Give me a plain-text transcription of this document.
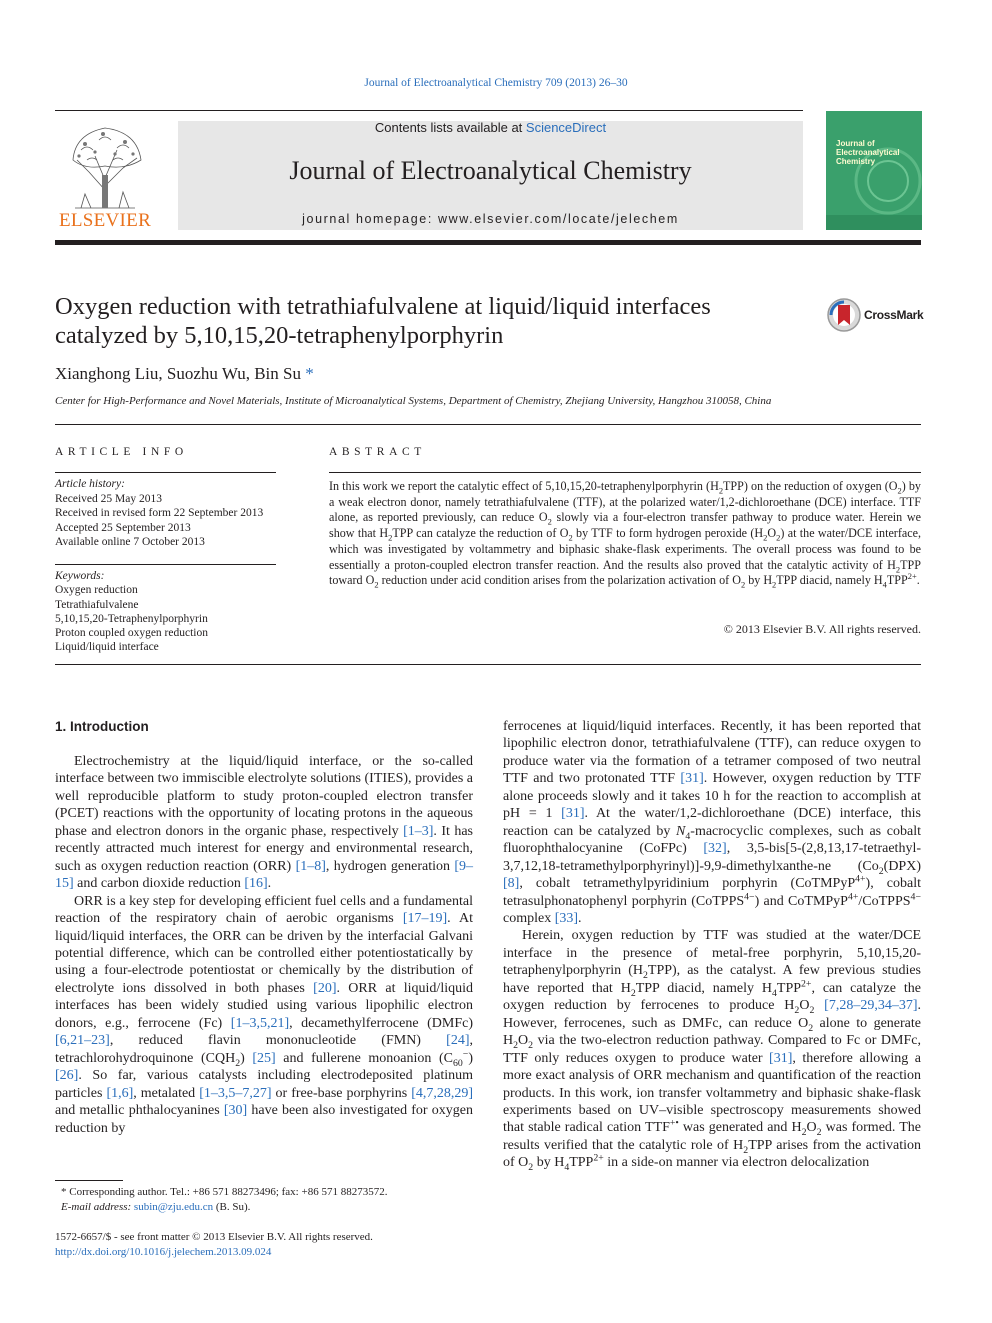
Journal of Electroanalytical Chemistry 709 (2013) 26–30
ELSEVIER
Contents lists available at ScienceDirect
Journal of Electroanalytical Chemistry
journal homepage: www.elsevier.com/locate/jelechem
Journal of Electroanalytical Chemistry
Oxygen reduction with tetrathiafulvalene at liquid/liquid interfaces
catalyzed by 5,10,15,20-tetraphenylporphyrin
CrossMark
Xianghong Liu, Suozhu Wu, Bin Su *
Center for High-Performance and Novel Materials, Institute of Microanalytical Systems, Department of Chemistry, Zhejiang University, Hangzhou 310058, China
ARTICLE INFO
Article history:
Received 25 May 2013
Received in revised form 22 September 2013
Accepted 25 September 2013
Available online 7 October 2013
Keywords:
Oxygen reduction
Tetrathiafulvalene
5,10,15,20-Tetraphenylporphyrin
Proton coupled oxygen reduction
Liquid/liquid interface
ABSTRACT
In this work we report the catalytic effect of 5,10,15,20-tetraphenylporphyrin $(H_2TPP)$ on the reduction of oxygen $(O_2)$ by a weak electron donor, namely tetrathiafulvalene (TTF), at the polarized water/1,2-dichloroethane (DCE) interface. TTF alone, as reported previously, can reduce $O_2$ slowly via a four-electron transfer pathway to produce water. Herein we show that $H_2TPP$ can catalyze the reduction of $O_2$ by TTF to form hydrogen peroxide $(H_2O_2)$ at the water/DCE interface, which was investigated by voltammetry and biphasic shake-flask experiments. The overall process was found to be essentially a proton-coupled electron transfer reaction. And the results also proved that the catalytic activity of $H_2TPP$ toward $O_2$ reduction under acid condition arises from the polarization activation of $O_2$ by $H_2TPP$ diacid, namely $H_4TPP^{2+}$.
© 2013 Elsevier B.V. All rights reserved.
1. Introduction

Electrochemistry at the liquid/liquid interface, or the so-called interface between two immiscible electrolyte solutions (ITIES), provides a well reproducible platform to study proton-coupled electron transfer (PCET) reactions with the opportunity of locating protons in the aqueous phase and electron donors in the organic phase, respectively [1–3]. It has recently attracted much interest for energy and environmental research, such as oxygen reduction reaction (ORR) [1–8], hydrogen generation [9–15] and carbon dioxide reduction [16].

ORR is a key step for developing efficient fuel cells and a fundamental reaction of the respiratory chain of aerobic organisms [17–19]. At liquid/liquid interfaces, the ORR can be driven by the interfacial Galvani potential difference, which can be controlled either potentiostatically by using a four-electrode potentiostat or chemically by the distribution of electrolyte ions dissolved in both phases [20]. ORR at liquid/liquid interfaces has been widely studied using various lipophilic electron donors, e.g., ferrocene (Fc) [1–3,5,21], decamethylferrocene (DMFc) [6,21–23], reduced flavin mononucleotide (FMN) [24], tetrachlorohydroquinone $(CQH_2)$ [25] and fullerene monoanion $(C_{60}^-)$ [26]. So far, various catalysts including electrodeposited platinum particles [1,6], metalated [1–3,5–7,27] or free-base porphyrins [4,7,28,29] and metallic phthalocyanines [30] have been also investigated for oxygen reduction by

ferrocenes at liquid/liquid interfaces. Recently, it has been reported that lipophilic electron donor, tetrathiafulvalene (TTF), can reduce oxygen to produce water via the formation of a tetramer composed of two neutral TTF and two protonated TTF [31]. However, oxygen reduction by TTF alone proceeds slowly and it takes 10 h for the reaction to accomplish at pH = 1 [31]. At the water/1,2-dichloroethane (DCE) interface, this reaction can be catalyzed by $N_4$-macrocyclic complexes, such as cobalt fluorophthalocyanine (CoFPc) [32], 3,5-bis[5-(2,8,13,17-tetraethyl-3,7,12,18-tetramethylporphyrinyl)]-9,9-dimethylxanthe-ne ($Co_2(DPX)$ [8], cobalt tetramethylpyridinium porphyrin (CoTMPyP$^{4+}$), cobalt tetrasulphonatophenyl porphyrin (CoTPPS$^{4-}$) and CoTMPyP$^{4+}$/CoTPPS$^{4-}$ complex [33].

Herein, oxygen reduction by TTF was studied at the water/DCE interface in the presence of metal-free porphyrin, 5,10,15,20-tetraphenylporphyrin $(H_2TPP)$, as the catalyst. A few previous studies have reported that $H_2TPP$ diacid, namely $H_4TPP^{2+}$, can catalyze the oxygen reduction by ferrocenes to produce $H_2O_2$ [7,28–29,34–37]. However, ferrocenes, such as DMFc, can reduce $O_2$ alone to generate $H_2O_2$ via the two-electron reduction pathway. Compared to Fc or DMFc, TTF only reduces oxygen to produce water [31], therefore allowing a more exact analysis of ORR mechanism and quantification of the reaction products. In this work, ion transfer voltammetry and biphasic shake-flask experiments based on UV–visible spectroscopy measurements showed that stable radical cation TTF+• was generated and $H_2O_2$ was formed. The results verified that the catalytic role of $H_2TPP$ arises from the activation of $O_2$ by $H_4TPP^{2+}$ in a side-on manner via electron delocalization

* Corresponding author. Tel.: +86 571 88273496; fax: +86 571 88273572.
E-mail address: subin@zju.edu.cn (B. Su).
1572-6657/$ - see front matter © 2013 Elsevier B.V. All rights reserved.
http://dx.doi.org/10.1016/j.jelechem.2013.09.024
